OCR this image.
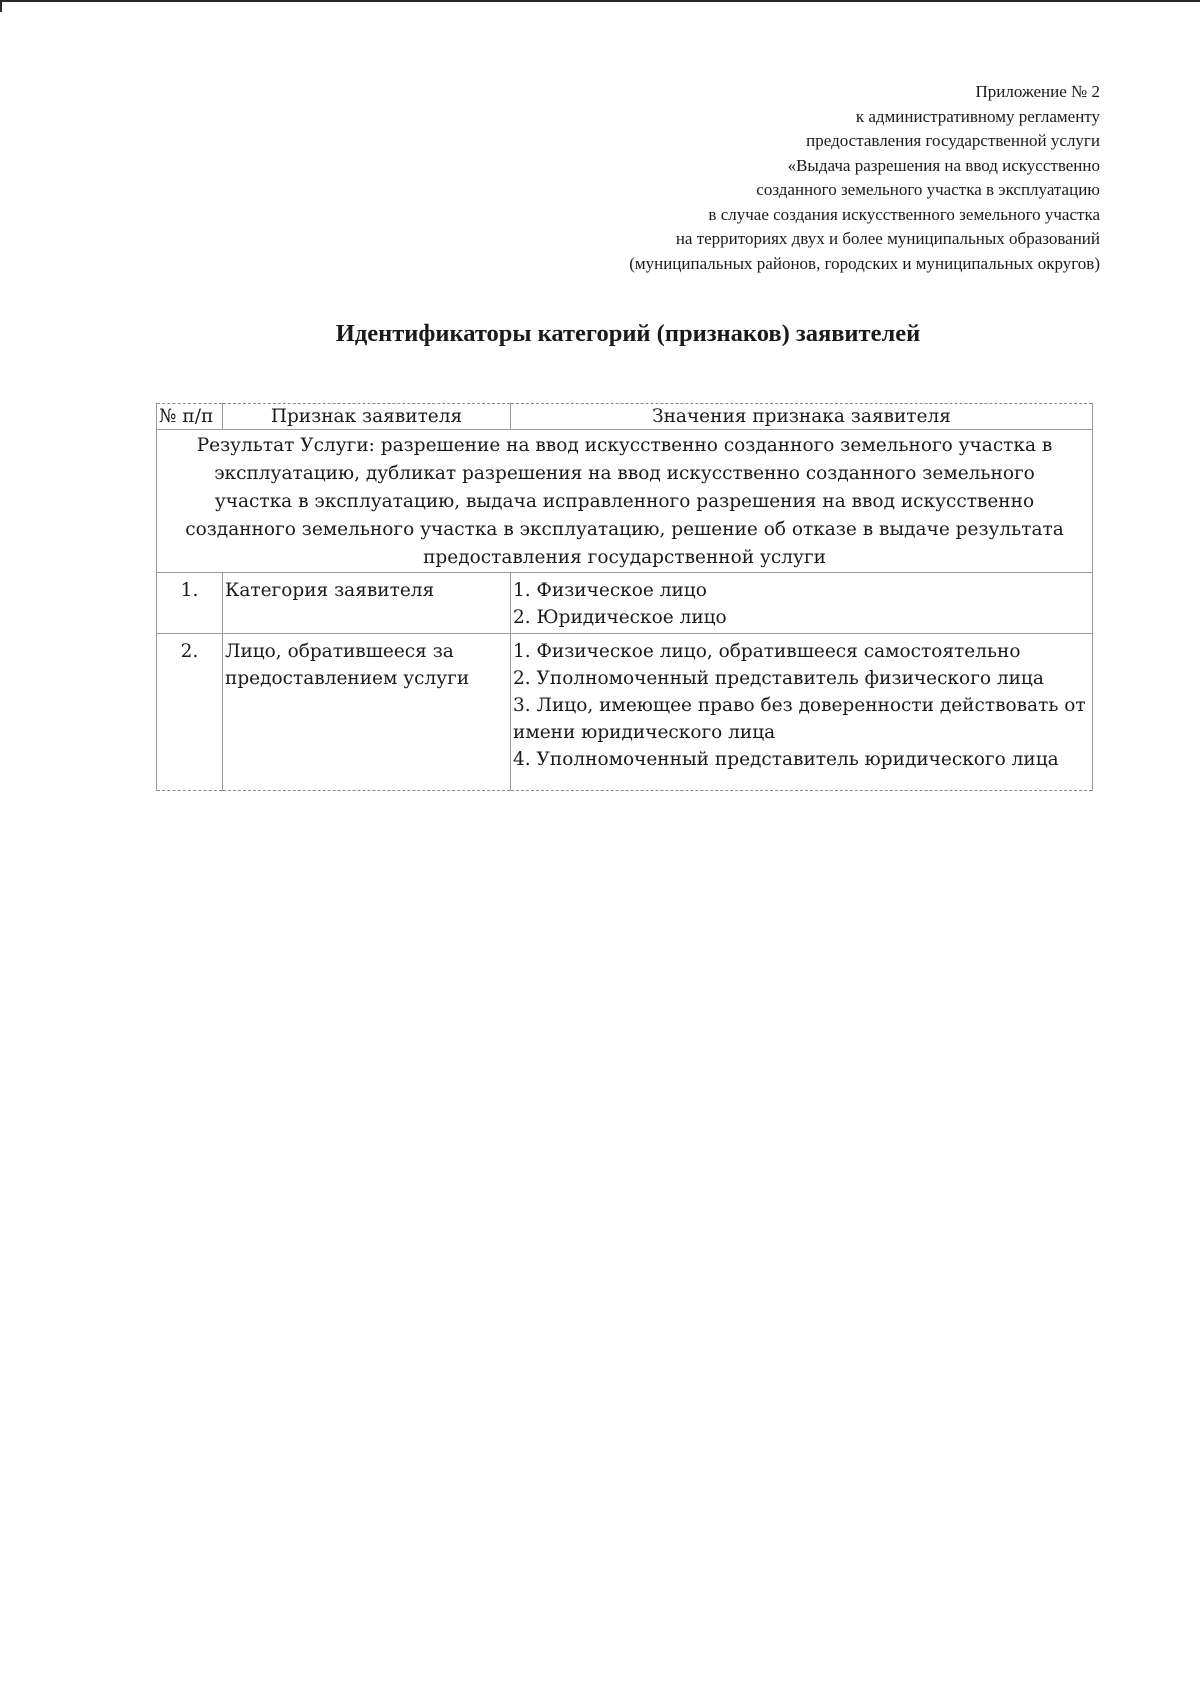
Приложение № 2
к административному регламенту
предоставления государственной услуги
«Выдача разрешения на ввод искусственно
созданного земельного участка в эксплуатацию
в случае создания искусственного земельного участка
на территориях двух и более муниципальных образований
(муниципальных районов, городских и муниципальных округов)
Идентификаторы категорий (признаков) заявителей
№ п/п	Признак заявителя	Значения признака заявителя

Результат Услуги: разрешение на ввод искусственно созданного земельного участка в
эксплуатацию, дубликат разрешения на ввод искусственно созданного земельного
участка в эксплуатацию, выдача исправленного разрешения на ввод искусственно
созданного земельного участка в эксплуатацию, решение об отказе в выдаче результата
предоставления государственной услуги		

1.	Категория заявителя	1. Физическое лицо
2. Юридическое лицо

2.	Лицо, обратившееся за предоставлением услуги	1. Физическое лицо, обратившееся самостоятельно
2. Уполномоченный представитель физического лица
3. Лицо, имеющее право без доверенности действовать от имени юридического лица
4. Уполномоченный представитель юридического лица
